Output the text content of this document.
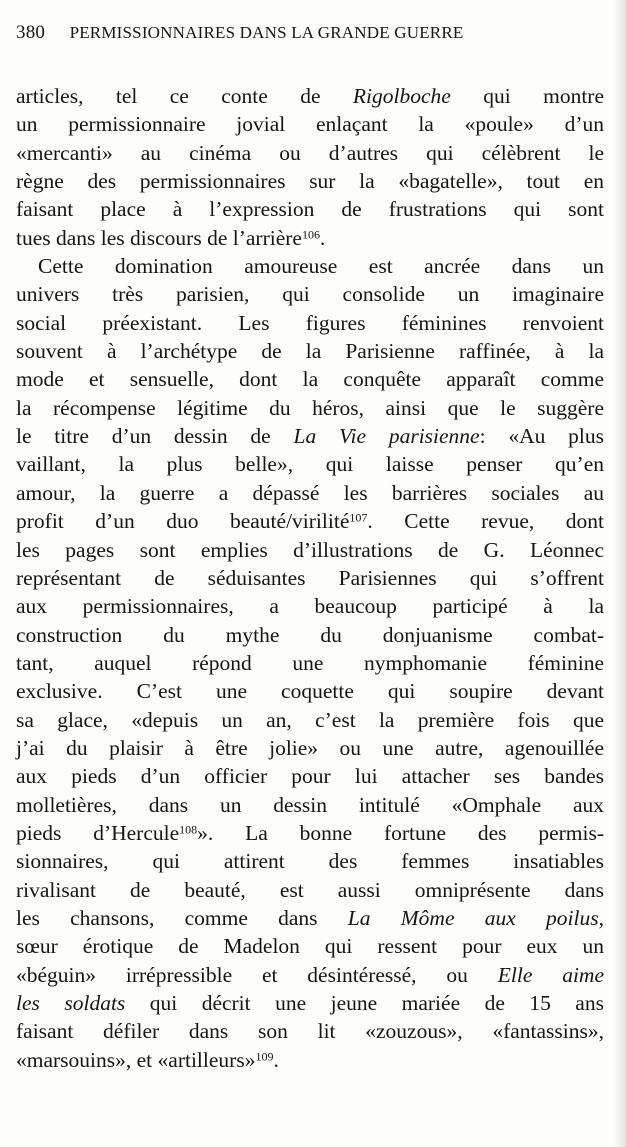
380 PERMISSIONNAIRES DANS LA GRANDE GUERRE
articles, tel ce conte de Rigolboche qui montre
un permissionnaire jovial enlaçant la «poule» d’un
«mercanti» au cinéma ou d’autres qui célèbrent le
règne des permissionnaires sur la «bagatelle», tout en
faisant place à l’expression de frustrations qui sont
tues dans les discours de l’arrière$^{106}$.
Cette domination amoureuse est ancrée dans un
univers très parisien, qui consolide un imaginaire
social préexistant. Les figures féminines renvoient
souvent à l’archétype de la Parisienne raffinée, à la
mode et sensuelle, dont la conquête apparaît comme
la récompense légitime du héros, ainsi que le suggère
le titre d’un dessin de La Vie parisienne: «Au plus
vaillant, la plus belle», qui laisse penser qu’en
amour, la guerre a dépassé les barrières sociales au
profit d’un duo beauté/virilité$^{107}$. Cette revue, dont
les pages sont emplies d’illustrations de G. Léonnec
représentant de séduisantes Parisiennes qui s’offrent
aux permissionnaires, a beaucoup participé à la
construction du mythe du donjuanisme combat-
tant, auquel répond une nymphomanie féminine
exclusive. C’est une coquette qui soupire devant
sa glace, «depuis un an, c’est la première fois que
j’ai du plaisir à être jolie» ou une autre, agenouillée
aux pieds d’un officier pour lui attacher ses bandes
molletières, dans un dessin intitulé «Omphale aux
pieds d’Hercule$^{108}$». La bonne fortune des permis-
sionnaires, qui attirent des femmes insatiables
rivalisant de beauté, est aussi omniprésente dans
les chansons, comme dans La Môme aux poilus,
sœur érotique de Madelon qui ressent pour eux un
«béguin» irrépressible et désintéressé, ou Elle aime
les soldats qui décrit une jeune mariée de 15 ans
faisant défiler dans son lit «zouzous», «fantassins»,
«marsouins», et «artilleurs»$^{109}$.
